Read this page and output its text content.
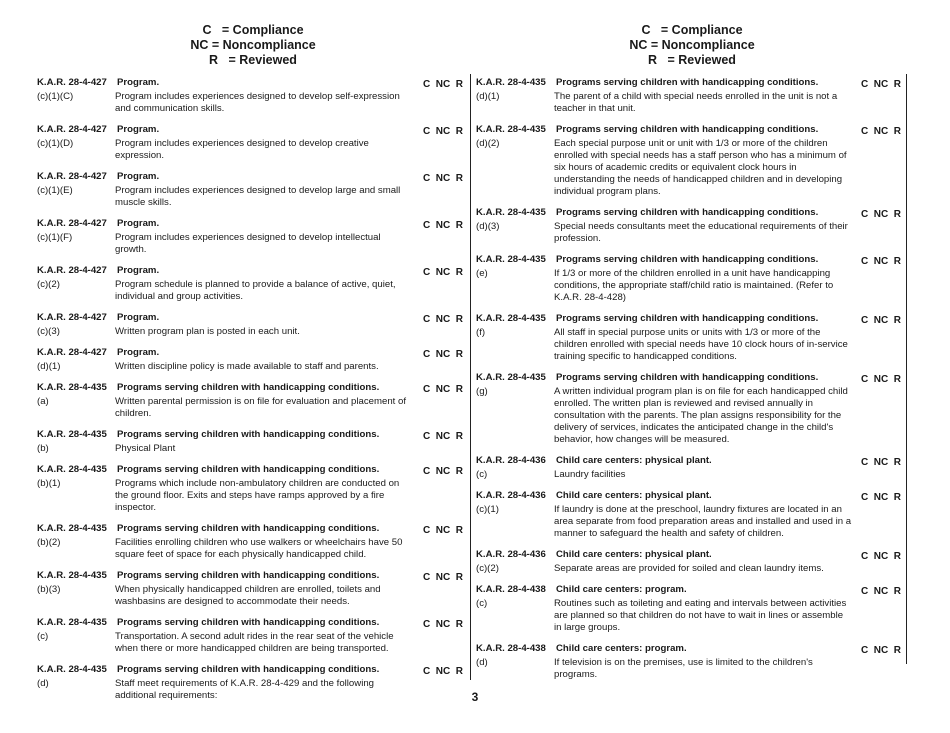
C   = Compliance
NC = Noncompliance
R   = Reviewed
C   = Compliance
NC = Noncompliance
R   = Reviewed
K.A.R. 28-4-427	Program.	C  NC  R
(c)(1)(C)	Program includes experiences designed to develop self-expression and communication skills.
K.A.R. 28-4-427	Program.	C  NC  R
(c)(1)(D)	Program includes experiences designed to develop creative expression.
K.A.R. 28-4-427	Program.	C  NC  R
(c)(1)(E)	Program includes experiences designed to develop large and small muscle skills.
K.A.R. 28-4-427	Program.	C  NC  R
(c)(1)(F)	Program includes experiences designed to develop intellectual growth.
K.A.R. 28-4-427	Program.	C  NC  R
(c)(2)	Program schedule is planned to provide a balance of active, quiet, individual and group activities.
K.A.R. 28-4-427	Program.	C  NC  R
(c)(3)	Written program plan is posted in each unit.
K.A.R. 28-4-427	Program.	C  NC  R
(d)(1)	Written discipline policy is made available to staff and parents.
K.A.R. 28-4-435	Programs serving children with handicapping conditions.	C  NC  R
(a)	Written parental permission is on file for evaluation and placement of children.
K.A.R. 28-4-435	Programs serving children with handicapping conditions.	C  NC  R
(b)	Physical Plant
K.A.R. 28-4-435	Programs serving children with handicapping conditions.	C  NC  R
(b)(1)	Programs which include non-ambulatory children are conducted on the ground floor. Exits and steps have ramps approved by a fire inspector.
K.A.R. 28-4-435	Programs serving children with handicapping conditions.	C  NC  R
(b)(2)	Facilities enrolling children who use walkers or wheelchairs have 50 square feet of space for each physically handicapped child.
K.A.R. 28-4-435	Programs serving children with handicapping conditions.	C  NC  R
(b)(3)	When physically handicapped children are enrolled, toilets and washbasins are designed to accommodate their needs.
K.A.R. 28-4-435	Programs serving children with handicapping conditions.	C  NC  R
(c)	Transportation. A second adult rides in the rear seat of the vehicle when there or more handicapped children are being transported.
K.A.R. 28-4-435	Programs serving children with handicapping conditions.	C  NC  R
(d)	Staff meet requirements of K.A.R. 28-4-429 and the following additional requirements:
K.A.R. 28-4-435	Programs serving children with handicapping conditions.	C  NC  R
(d)(1)	The parent of a child with special needs enrolled in the unit is not a teacher in that unit.
K.A.R. 28-4-435	Programs serving children with handicapping conditions.	C  NC  R
(d)(2)	Each special purpose unit or unit with 1/3 or more of the children enrolled with special needs has a staff person who has a minimum of six hours of academic credits or equivalent clock hours in understanding the needs of handicapped children and in developing individual program plans.
K.A.R. 28-4-435	Programs serving children with handicapping conditions.	C  NC  R
(d)(3)	Special needs consultants meet the educational requirements of their profession.
K.A.R. 28-4-435	Programs serving children with handicapping conditions.	C  NC  R
(e)	If 1/3 or more of the children enrolled in a unit have handicapping conditions, the appropriate staff/child ratio is maintained. (Refer to K.A.R. 28-4-428)
K.A.R. 28-4-435	Programs serving children with handicapping conditions.	C  NC  R
(f)	All staff in special purpose units or units with 1/3 or more of the children enrolled with special needs have 10 clock hours of in-service training specific to handicapped conditions.
K.A.R. 28-4-435	Programs serving children with handicapping conditions.	C  NC  R
(g)	A written individual program plan is on file for each handicapped child enrolled. The written plan is reviewed and revised annually in consultation with the parents. The plan assigns responsibility for the delivery of services, indicates the anticipated change in the child's behavior, how changes will be measured.
K.A.R. 28-4-436	Child care centers: physical plant.	C  NC  R
(c)	Laundry facilities
K.A.R. 28-4-436	Child care centers: physical plant.	C  NC  R
(c)(1)	If laundry is done at the preschool, laundry fixtures are located in an area separate from food preparation areas and installed and used in a manner to safeguard the health and safety of children.
K.A.R. 28-4-436	Child care centers: physical plant.	C  NC  R
(c)(2)	Separate areas are provided for soiled and clean laundry items.
K.A.R. 28-4-438	Child care centers: program.	C  NC  R
(c)	Routines such as toileting and eating and intervals between activities are planned so that children do not have to wait in lines or assemble in large groups.
K.A.R. 28-4-438	Child care centers: program.	C  NC  R
(d)	If television is on the premises, use is limited to the children's programs.
3
